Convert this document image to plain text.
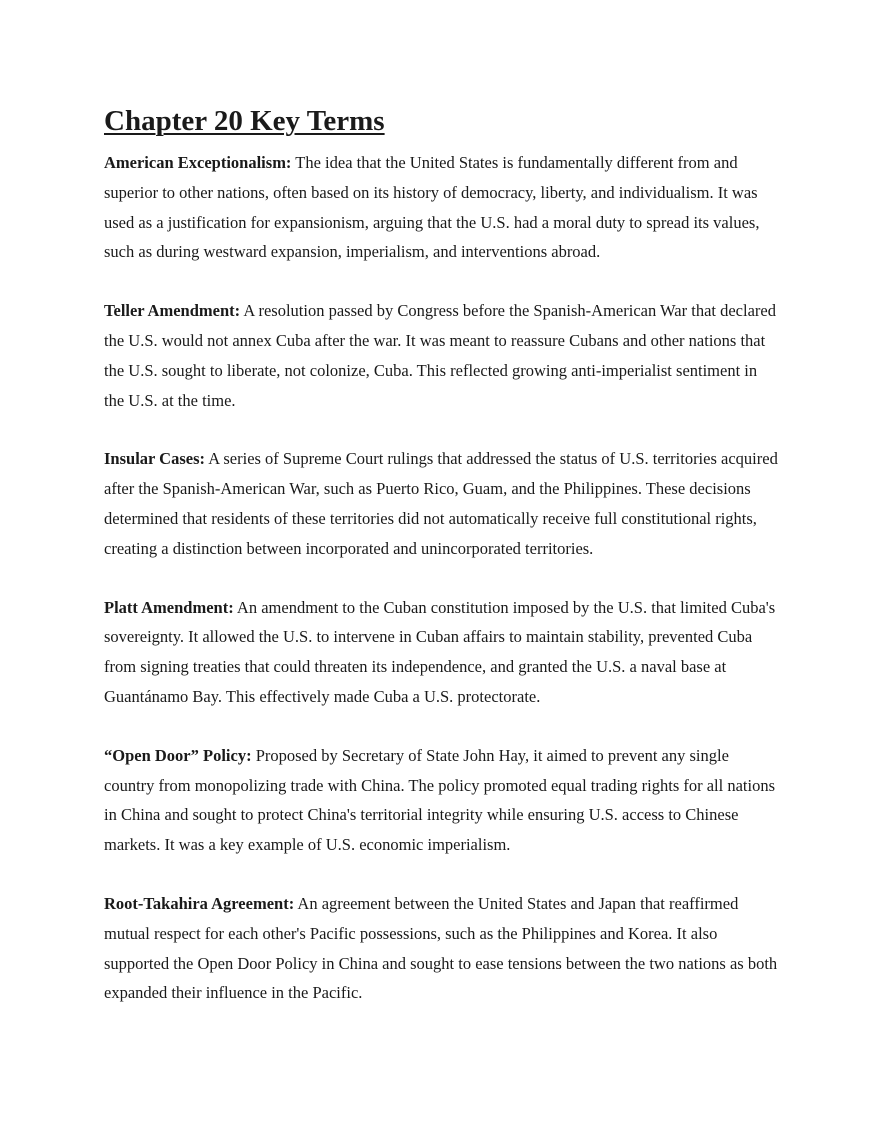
Chapter 20 Key Terms

American Exceptionalism: The idea that the United States is fundamentally different from and superior to other nations, often based on its history of democracy, liberty, and individualism. It was used as a justification for expansionism, arguing that the U.S. had a moral duty to spread its values, such as during westward expansion, imperialism, and interventions abroad.

Teller Amendment: A resolution passed by Congress before the Spanish-American War that declared the U.S. would not annex Cuba after the war. It was meant to reassure Cubans and other nations that the U.S. sought to liberate, not colonize, Cuba. This reflected growing anti-imperialist sentiment in the U.S. at the time.

Insular Cases: A series of Supreme Court rulings that addressed the status of U.S. territories acquired after the Spanish-American War, such as Puerto Rico, Guam, and the Philippines. These decisions determined that residents of these territories did not automatically receive full constitutional rights, creating a distinction between incorporated and unincorporated territories.

Platt Amendment: An amendment to the Cuban constitution imposed by the U.S. that limited Cuba's sovereignty. It allowed the U.S. to intervene in Cuban affairs to maintain stability, prevented Cuba from signing treaties that could threaten its independence, and granted the U.S. a naval base at Guantánamo Bay. This effectively made Cuba a U.S. protectorate.

“Open Door” Policy: Proposed by Secretary of State John Hay, it aimed to prevent any single country from monopolizing trade with China. The policy promoted equal trading rights for all nations in China and sought to protect China's territorial integrity while ensuring U.S. access to Chinese markets. It was a key example of U.S. economic imperialism.

Root-Takahira Agreement: An agreement between the United States and Japan that reaffirmed mutual respect for each other's Pacific possessions, such as the Philippines and Korea. It also supported the Open Door Policy in China and sought to ease tensions between the two nations as both expanded their influence in the Pacific.
